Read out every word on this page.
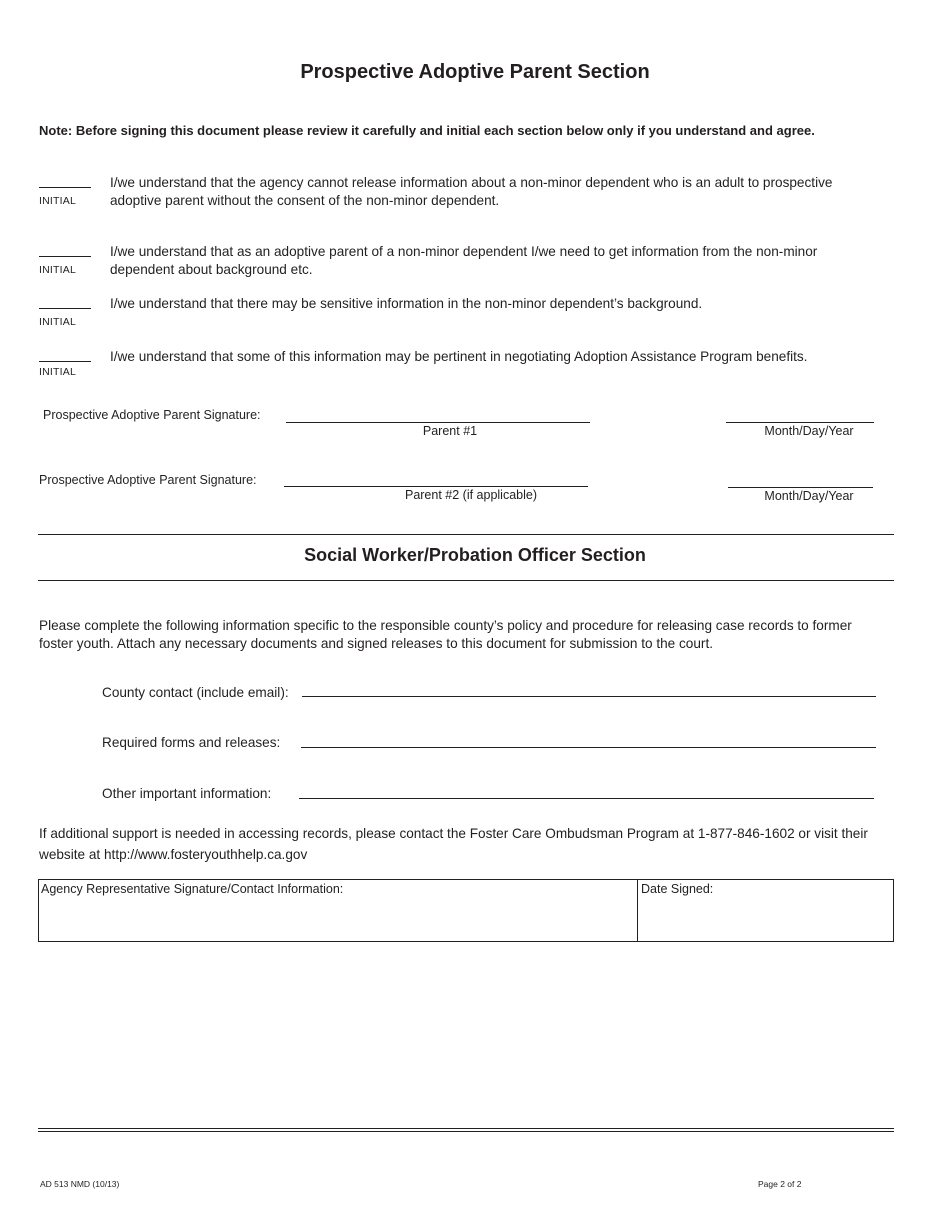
Prospective Adoptive Parent Section
Note: Before signing this document please review it carefully and initial each section below only if you understand and agree.
INITIAL
I/we understand that the agency cannot release information about a non-minor dependent who is an adult to prospective
adoptive parent without the consent of the non-minor dependent.
INITIAL
I/we understand that as an adoptive parent of a non-minor dependent I/we need to get information from the non-minor
dependent about background etc.
INITIAL
I/we understand that there may be sensitive information in the non-minor dependent’s background.
INITIAL
I/we understand that some of this information may be pertinent in negotiating Adoption Assistance Program benefits.
Prospective Adoptive Parent Signature:
Parent #1	Month/Day/Year
Prospective Adoptive Parent Signature:
Parent #2 (if applicable)	Month/Day/Year
Social Worker/Probation Officer Section
Please complete the following information specific to the responsible county’s policy and procedure for releasing case records to former
foster youth. Attach any necessary documents and signed releases to this document for submission to the court.
County contact (include email):
Required forms and releases:
Other important information:
If additional support is needed in accessing records, please contact the Foster Care Ombudsman Program at 1-877-846-1602 or visit their
website at http://www.fosteryouthhelp.ca.gov
Agency Representative Signature/Contact Information:	Date Signed:
AD 513 NMD (10/13)	Page 2 of 2
